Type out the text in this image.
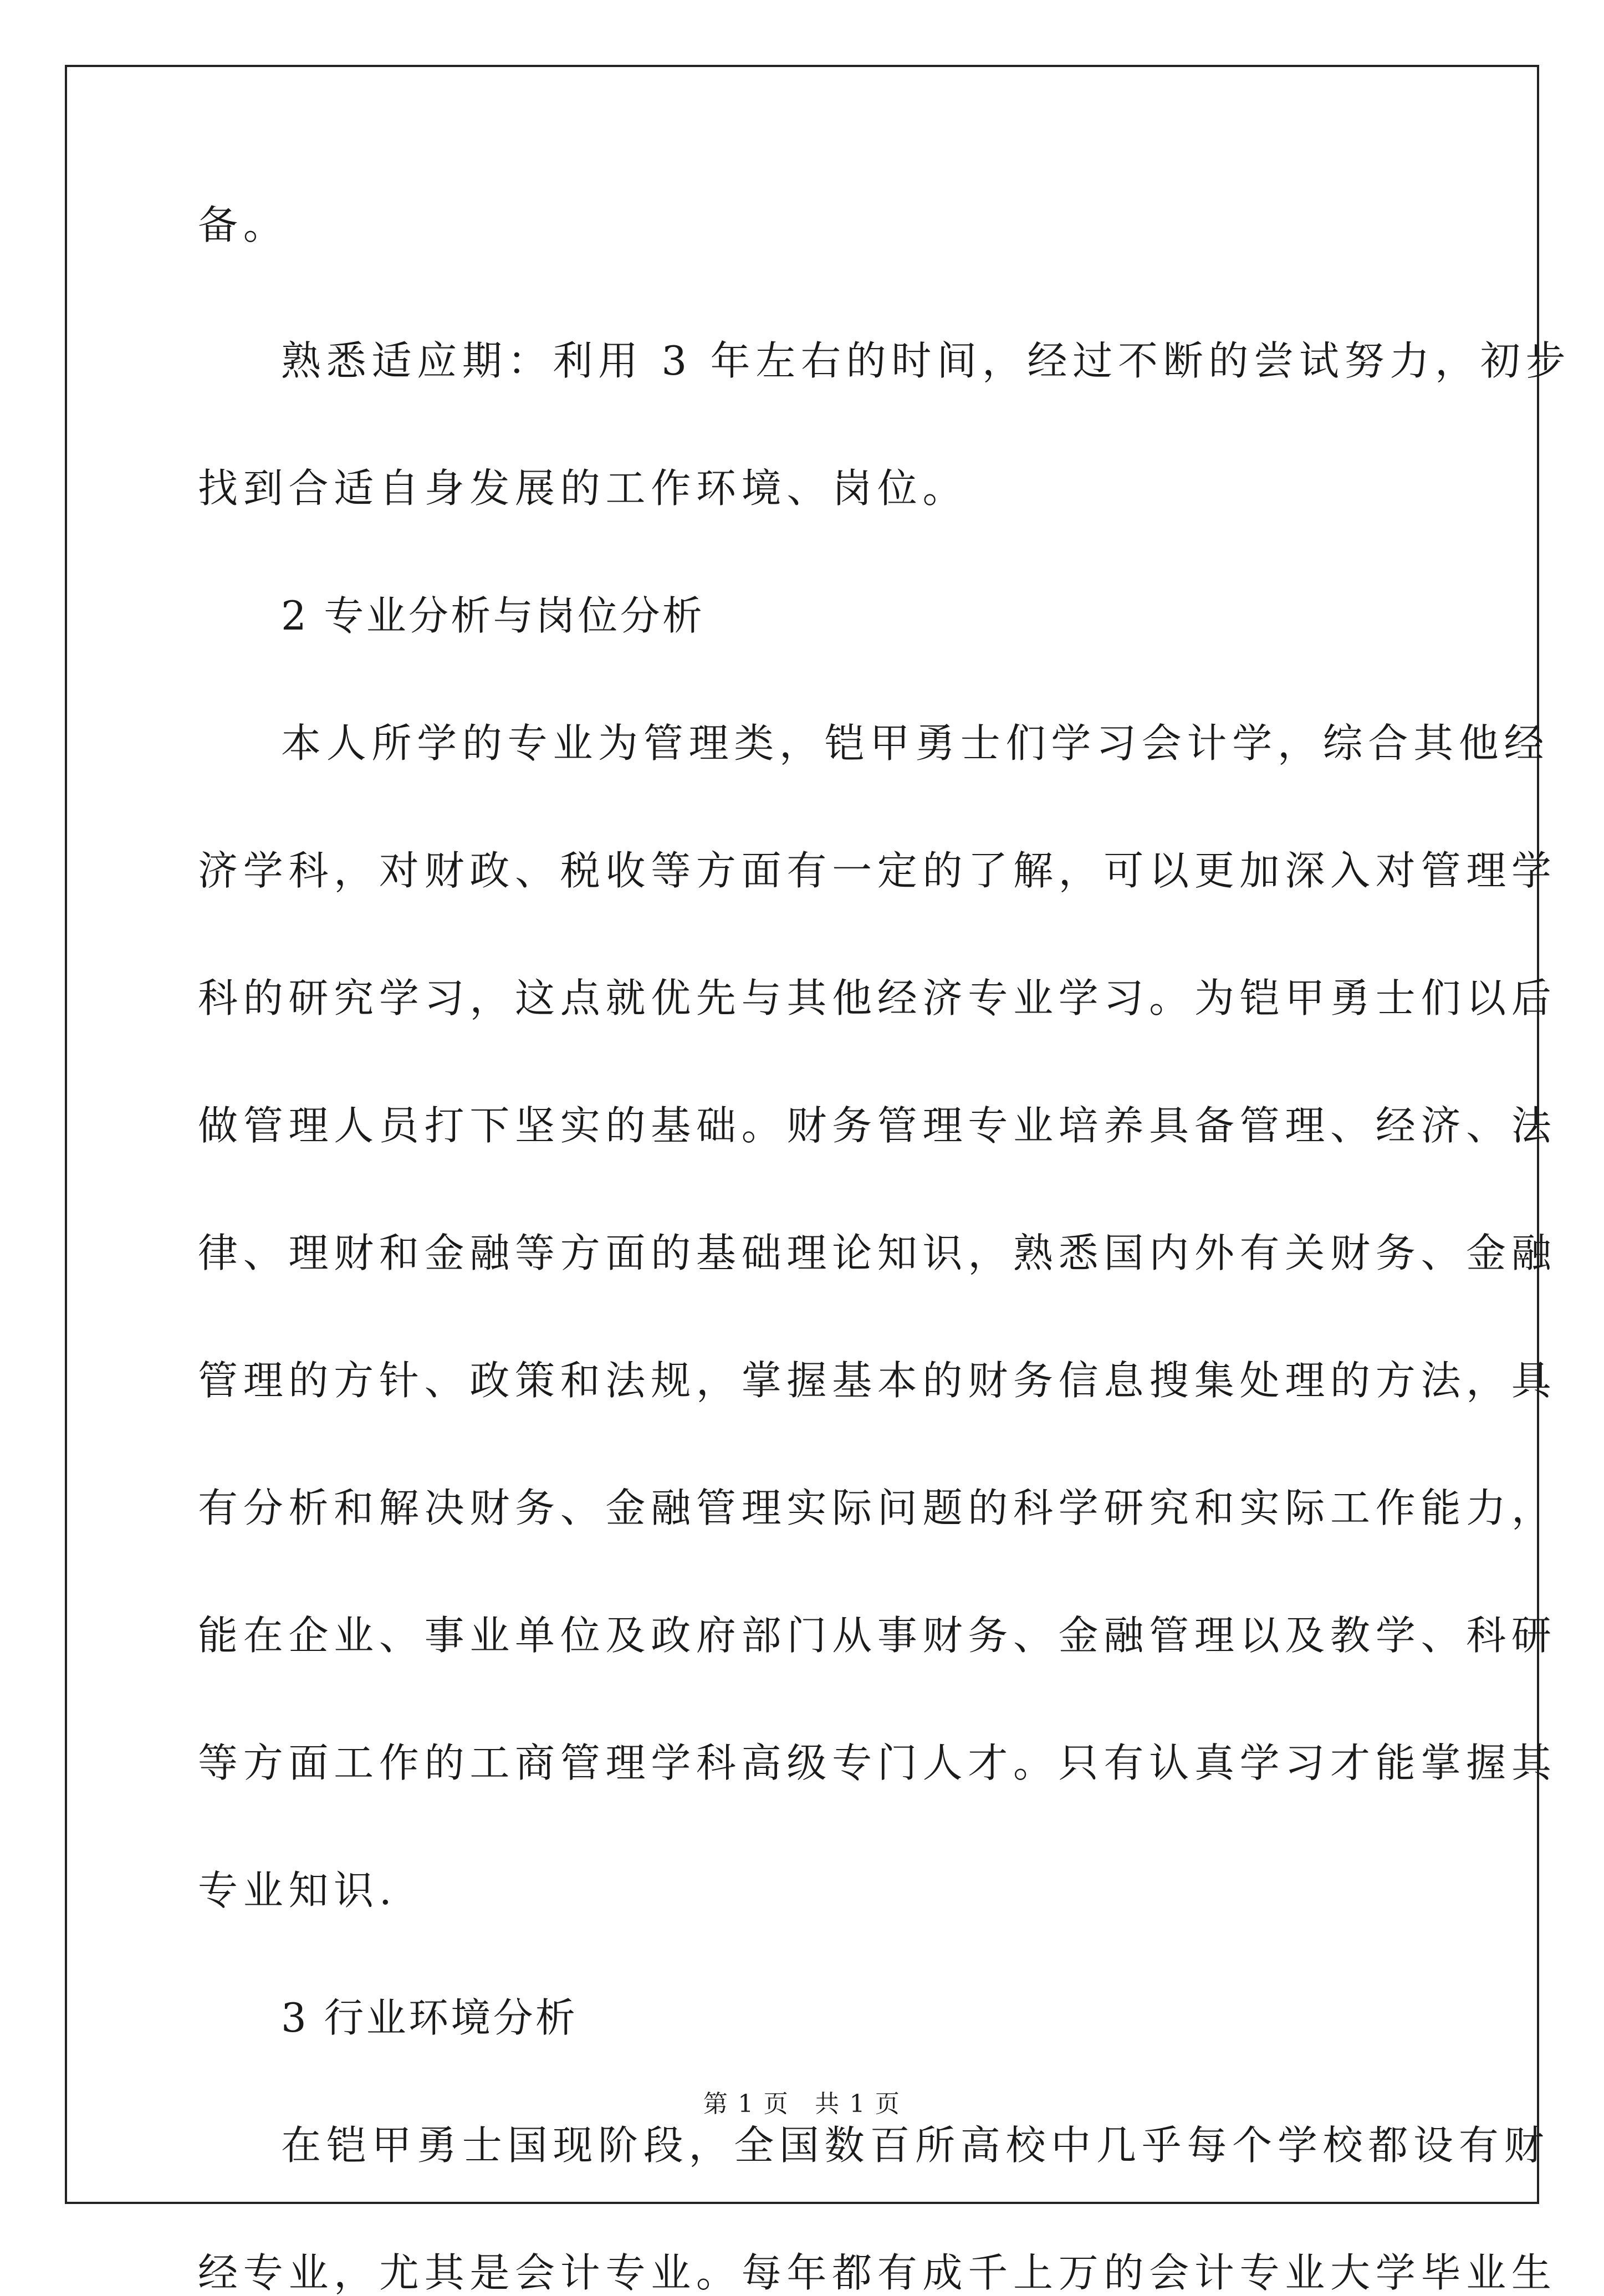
备。
熟悉适应期：利用 3 年左右的时间，经过不断的尝试努力，初步
找到合适自身发展的工作环境、岗位。
2 专业分析与岗位分析
本人所学的专业为管理类，铠甲勇士们学习会计学，综合其他经
济学科，对财政、税收等方面有一定的了解，可以更加深入对管理学
科的研究学习，这点就优先与其他经济专业学习。为铠甲勇士们以后
做管理人员打下坚实的基础。财务管理专业培养具备管理、经济、法
律、理财和金融等方面的基础理论知识，熟悉国内外有关财务、金融
管理的方针、政策和法规，掌握基本的财务信息搜集处理的方法，具
有分析和解决财务、金融管理实际问题的科学研究和实际工作能力，
能在企业、事业单位及政府部门从事财务、金融管理以及教学、科研
等方面工作的工商管理学科高级专门人才。只有认真学习才能掌握其
专业知识.
3 行业环境分析
在铠甲勇士国现阶段，全国数百所高校中几乎每个学校都设有财
经专业，尤其是会计专业。每年都有成千上万的会计专业大学毕业生
第 1 页　共 1 页
